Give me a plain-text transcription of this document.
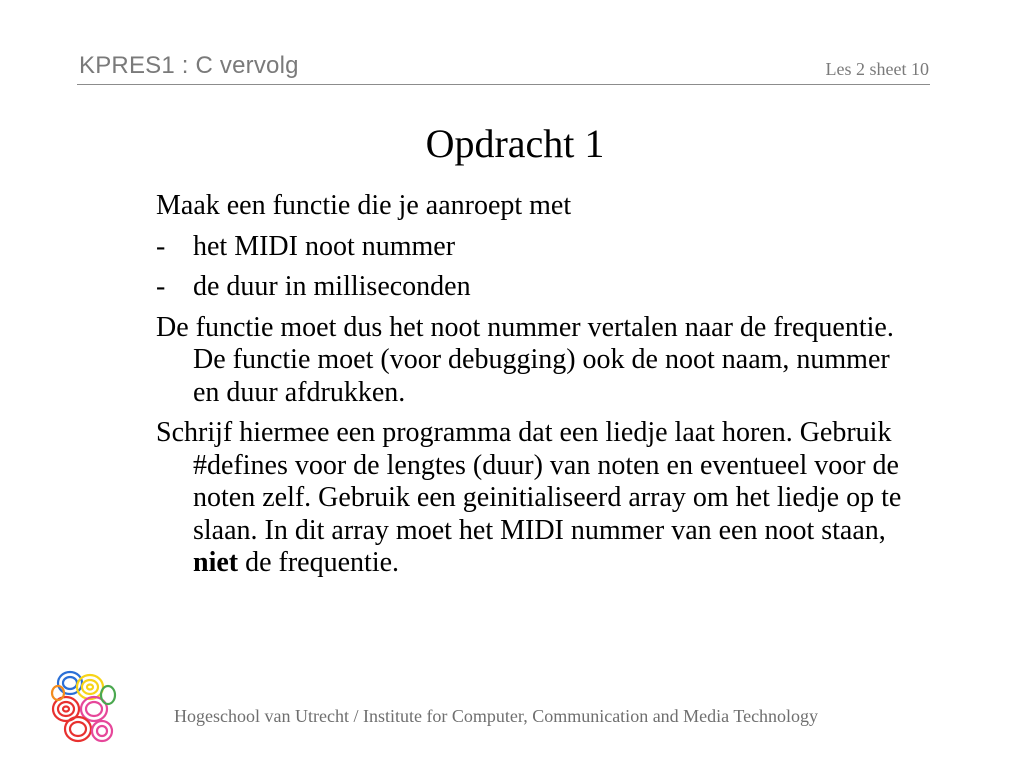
KPRES1 : C vervolg	Les 2 sheet 10
Opdracht 1

Maak een functie die je aanroept met

- het MIDI noot nummer

- de duur in milliseconden

De functie moet dus het noot nummer vertalen naar de frequentie. De functie moet (voor debugging) ook de noot naam, nummer en duur afdrukken.

Schrijf hiermee een programma dat een liedje laat horen. Gebruik #defines voor de lengtes (duur) van noten en eventueel voor de noten zelf. Gebruik een geinitialiseerd array om het liedje op te slaan. In dit array moet het MIDI nummer van een noot staan, niet de frequentie.

Hogeschool van Utrecht / Institute for Computer, Communication and Media Technology
